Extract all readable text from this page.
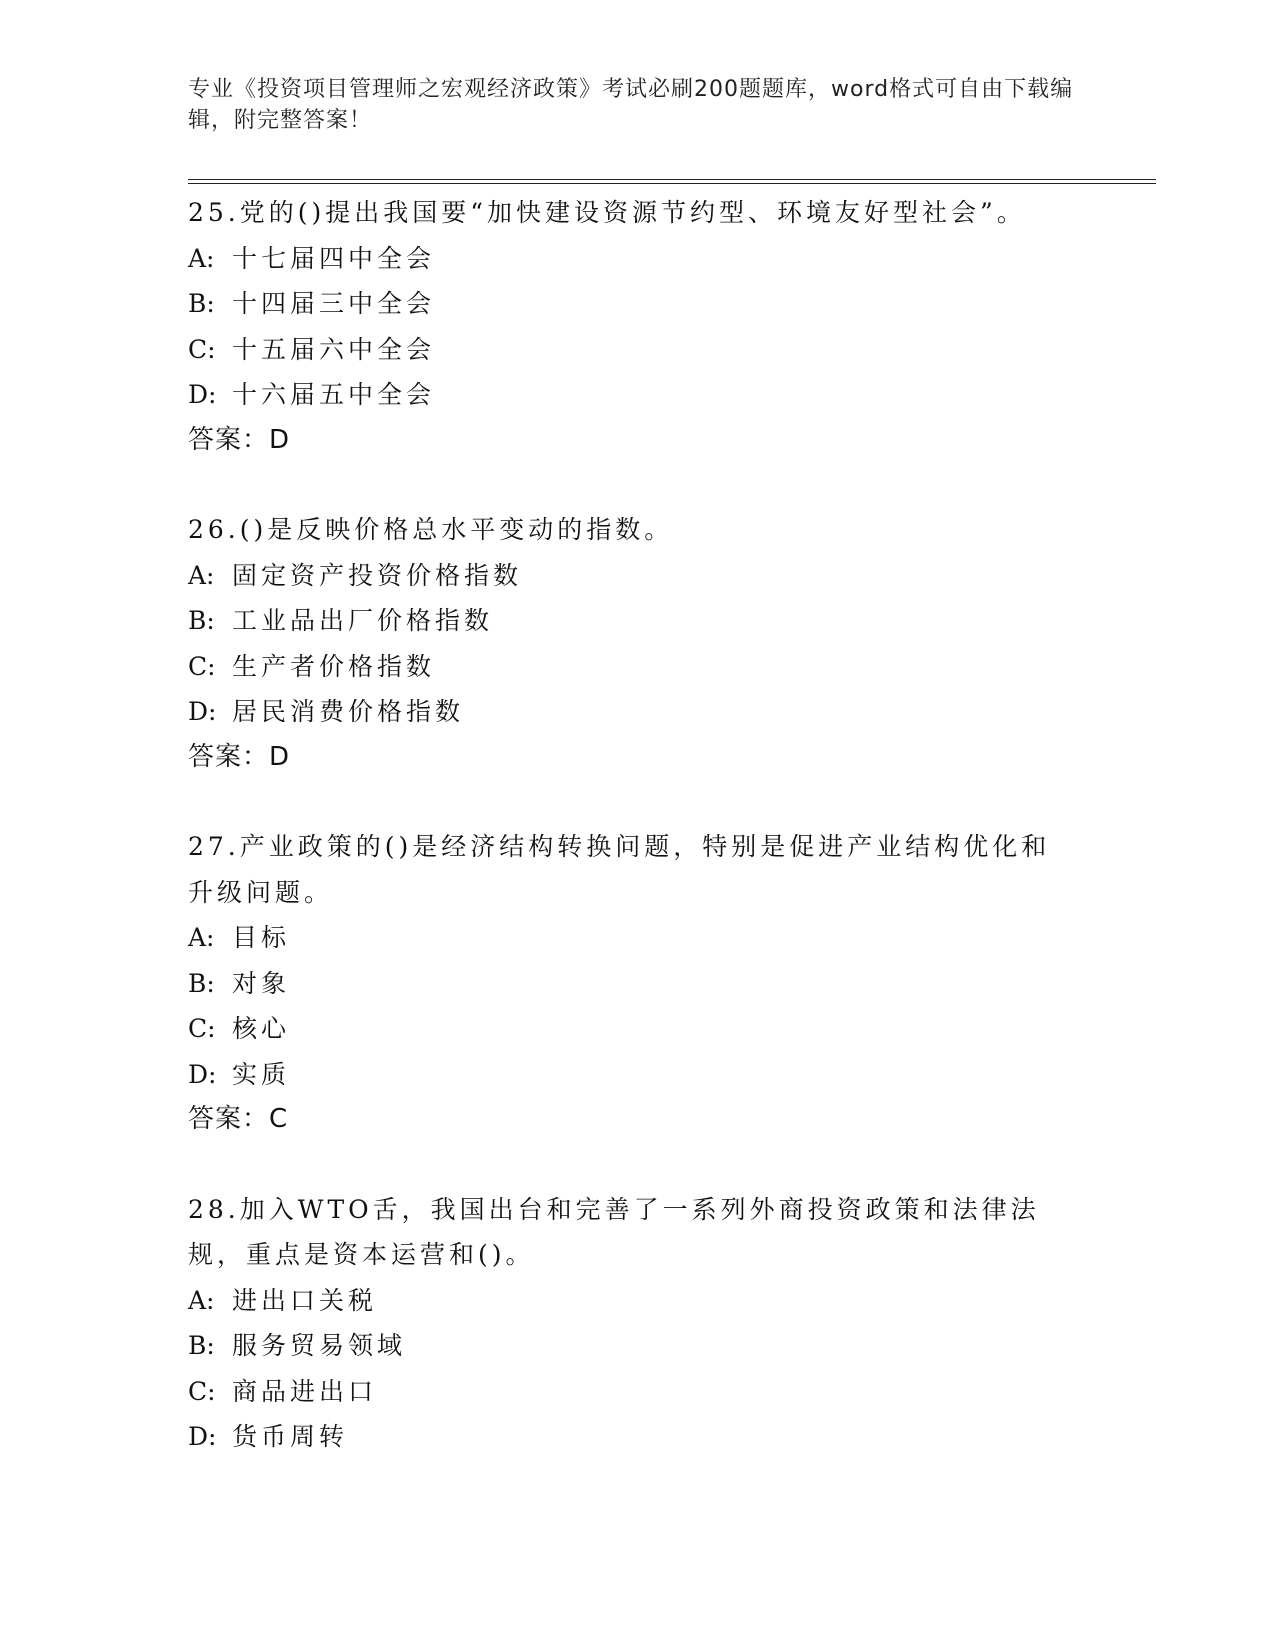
专业《投资项目管理师之宏观经济政策》考试必刷200题题库，word格式可自由下载编辑，附完整答案！
25.党的()提出我国要“加快建设资源节约型、环境友好型社会”。
A: 十七届四中全会
B: 十四届三中全会
C: 十五届六中全会
D: 十六届五中全会
答案：D
26.()是反映价格总水平变动的指数。
A: 固定资产投资价格指数
B: 工业品出厂价格指数
C: 生产者价格指数
D: 居民消费价格指数
答案：D
27.产业政策的()是经济结构转换问题，特别是促进产业结构优化和升级问题。
A: 目标
B: 对象
C: 核心
D: 实质
答案：C
28.加入WTO舌，我国出台和完善了一系列外商投资政策和法律法规，重点是资本运营和()。
A: 进出口关税
B: 服务贸易领域
C: 商品进出口
D: 货币周转
